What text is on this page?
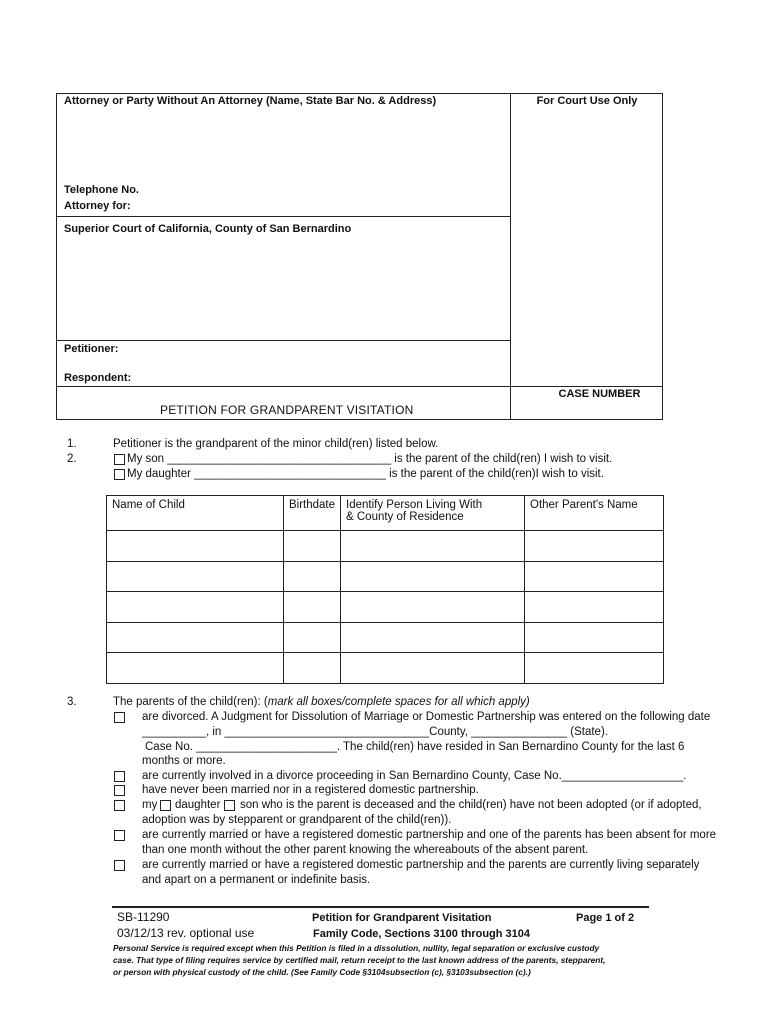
Attorney or Party Without An Attorney (Name, State Bar No. & Address)	For Court Use Only
Telephone No.
Attorney for:
Superior Court of California, County of San Bernardino
Petitioner:
Respondent:
CASE NUMBER
PETITION FOR GRANDPARENT VISITATION
1.	Petitioner is the grandparent of the minor child(ren) listed below.
2.	My son ___________________________________ is the parent of the child(ren) I wish to visit.
My daughter ______________________________ is the parent of the child(ren)I wish to visit.
Name of Child	Birthdate	Identify Person Living With
& County of Residence	Other Parent's Name

3.	The parents of the child(ren): (mark all boxes/complete spaces for all which apply)
are divorced. A Judgment for Dissolution of Marriage or Domestic Partnership was entered on the following date
__________, in ________________________________County, _______________ (State).
Case No. ______________________. The child(ren) have resided in San Bernardino County for the last 6
months or more.
are currently involved in a divorce proceeding in San Bernardino County, Case No.___________________.
have never been married nor in a registered domestic partnership.
my daughter son who is the parent is deceased and the child(ren) have not been adopted (or if adopted,
adoption was by stepparent or grandparent of the child(ren)).
are currently married or have a registered domestic partnership and one of the parents has been absent for more
than one month without the other parent knowing the whereabouts of the absent parent.
are currently married or have a registered domestic partnership and the parents are currently living separately
and apart on a permanent or indefinite basis.
SB-11290
03/12/13 rev. optional use
Petition for Grandparent Visitation
Family Code, Sections 3100 through 3104
Page 1 of 2
Personal Service is required except when this Petition is filed in a dissolution, nullity, legal separation or exclusive custody
case. That type of filing requires service by certified mail, return receipt to the last known address of the parents, stepparent,
or person with physical custody of the child. (See Family Code §3104subsection (c), §3103subsection (c).)
